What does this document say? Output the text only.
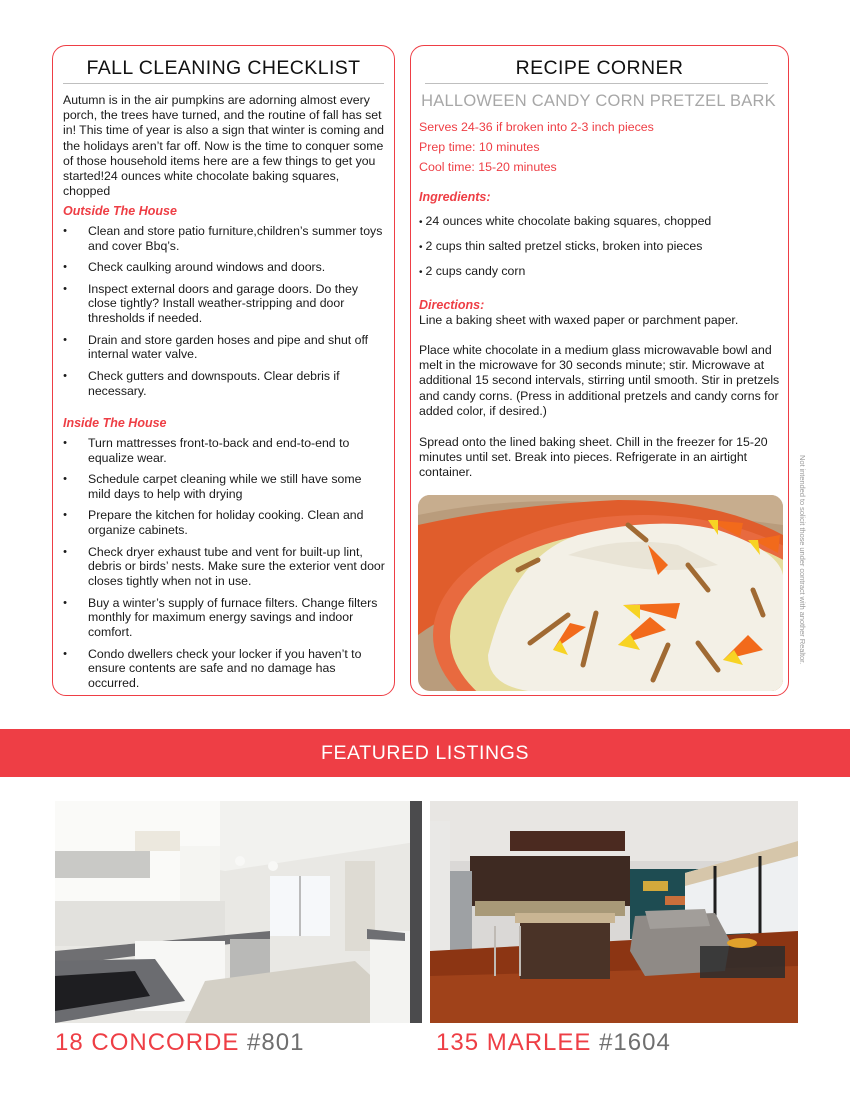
FALL CLEANING CHECKLIST

Autumn is in the air pumpkins are adorning almost every porch, the trees have turned, and the routine of fall has set in! This time of year is also a sign that winter is coming and the holidays aren’t far off. Now is the time to conquer some of those household items here are a few things to get you started!24 ounces white chocolate baking squares, chopped

Outside The House
• Clean and store patio furniture,children’s summer toys and cover Bbq’s.
• Check caulking around windows and doors.
• Inspect external doors and garage doors. Do they close tightly? Install weather-stripping and door thresholds if needed.
• Drain and store garden hoses and pipe and shut off internal water valve.
• Check gutters and downspouts. Clear debris if necessary.
Inside The House
• Turn mattresses front-to-back and end-to-end to equalize wear.
• Schedule carpet cleaning while we still have some mild days to help with drying
• Prepare the kitchen for holiday cooking. Clean and organize cabinets.
• Check dryer exhaust tube and vent for built-up lint, debris or birds’ nests. Make sure the exterior vent door closes tightly when not in use.
• Buy a winter’s supply of furnace filters. Change filters monthly for maximum energy savings and indoor comfort.
• Condo dwellers check your locker if you haven’t to ensure contents are safe and no damage has occurred.
RECIPE CORNER
HALLOWEEN CANDY CORN PRETZEL BARK
Serves 24-36 if broken into 2-3 inch pieces
Prep time: 10 minutes
Cool time: 15-20 minutes
Ingredients:
• 24 ounces white chocolate baking squares, chopped
• 2 cups thin salted pretzel sticks, broken into pieces
• 2 cups candy corn
Directions:

Line a baking sheet with waxed paper or parchment paper.

Place white chocolate in a medium glass microwavable bowl and melt in the microwave for 30 seconds minute; stir. Microwave at additional 15 second intervals, stirring until smooth. Stir in pretzels and candy corns. (Press in additional pretzels and candy corns for added color, if desired.)

Spread onto the lined baking sheet. Chill in the freezer for 15-20 minutes until set. Break into pieces. Refrigerate in an airtight container.	Not intended to solicit those under contract with another Realtor.
FEATURED LISTINGS
18 CONCORDE #801	135 MARLEE #1604
